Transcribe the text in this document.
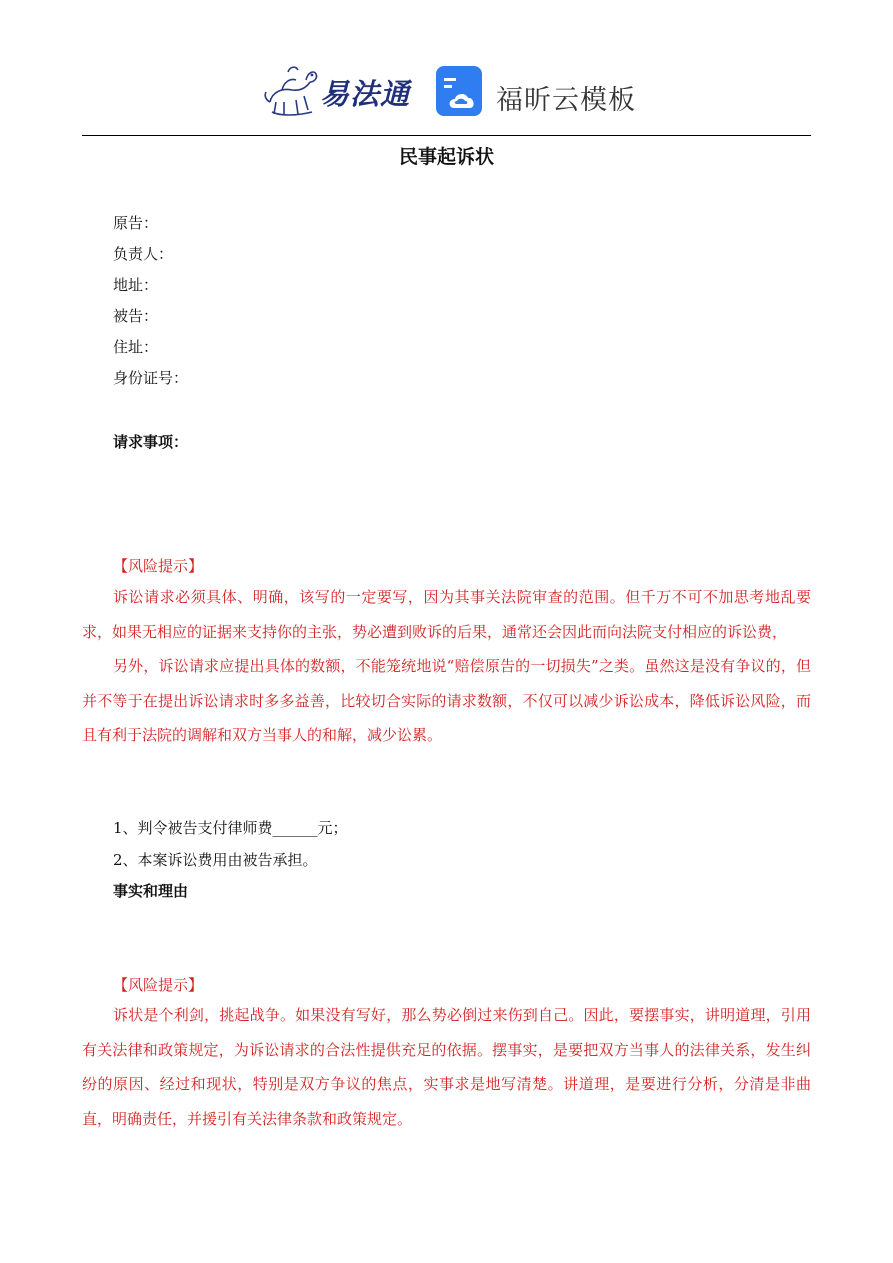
易法通	福昕云模板
民事起诉状
原告：
负责人：
地址：
被告：
住址：
身份证号：
请求事项：
【风险提示】

诉讼请求必须具体、明确，该写的一定要写，因为其事关法院审查的范围。但千万不可不加思考地乱要求，如果无相应的证据来支持你的主张，势必遭到败诉的后果，通常还会因此而向法院支付相应的诉讼费，

另外，诉讼请求应提出具体的数额，不能笼统地说“赔偿原告的一切损失”之类。虽然这是没有争议的，但并不等于在提出诉讼请求时多多益善，比较切合实际的请求数额，不仅可以减少诉讼成本，降低诉讼风险，而且有利于法院的调解和双方当事人的和解，减少讼累。

1、判令被告支付律师费______元；
2、本案诉讼费用由被告承担。
事实和理由
【风险提示】

诉状是个利剑，挑起战争。如果没有写好，那么势必倒过来伤到自己。因此，要摆事实，讲明道理，引用有关法律和政策规定，为诉讼请求的合法性提供充足的依据。摆事实，是要把双方当事人的法律关系，发生纠纷的原因、经过和现状，特别是双方争议的焦点，实事求是地写清楚。讲道理，是要进行分析，分清是非曲直，明确责任，并援引有关法律条款和政策规定。
